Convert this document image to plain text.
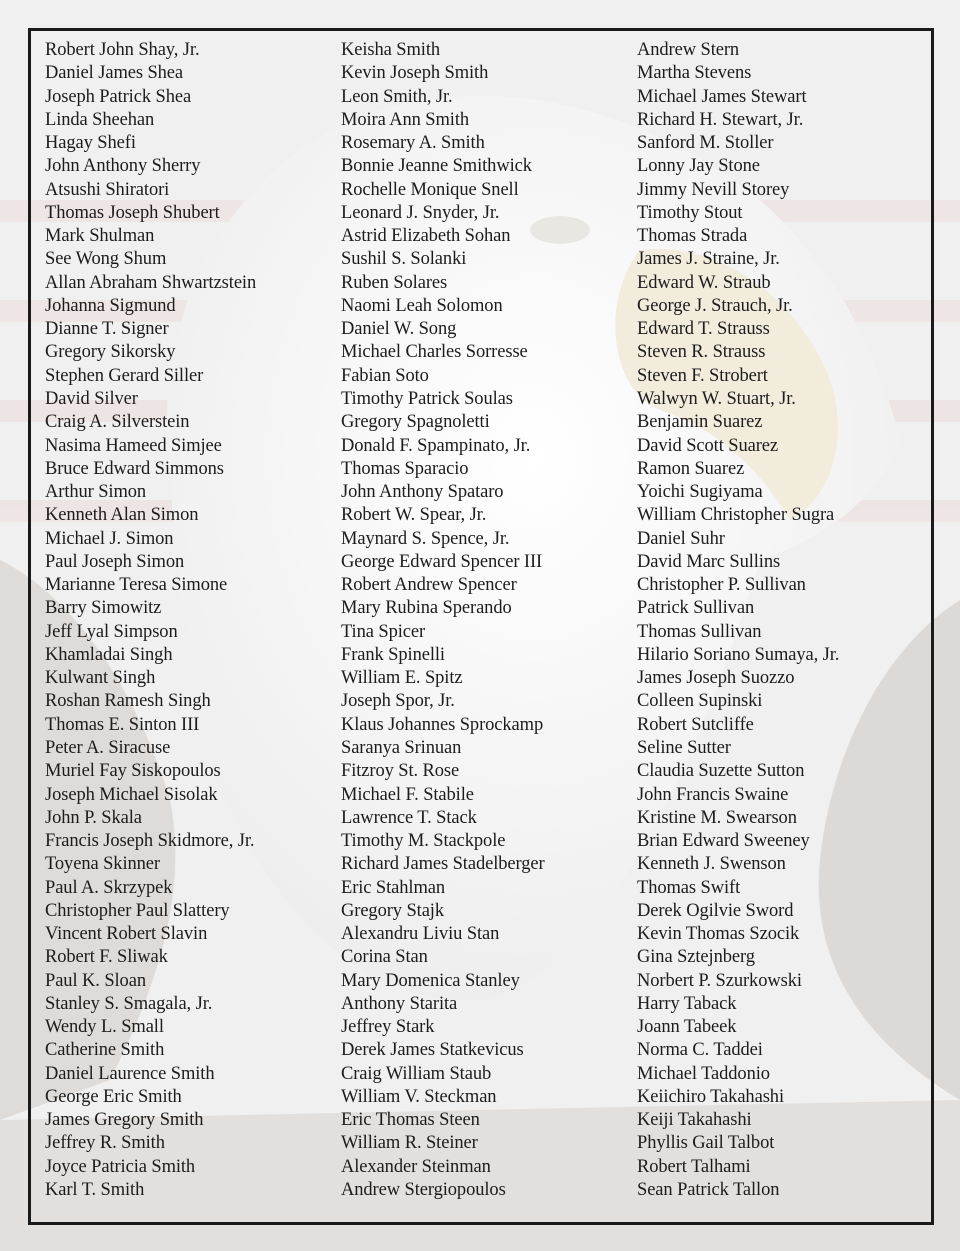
Robert John Shay, Jr.
Daniel James Shea
Joseph Patrick Shea
Linda Sheehan
Hagay Shefi
John Anthony Sherry
Atsushi Shiratori
Thomas Joseph Shubert
Mark Shulman
See Wong Shum
Allan Abraham Shwartzstein
Johanna Sigmund
Dianne T. Signer
Gregory Sikorsky
Stephen Gerard Siller
David Silver
Craig A. Silverstein
Nasima Hameed Simjee
Bruce Edward Simmons
Arthur Simon
Kenneth Alan Simon
Michael J. Simon
Paul Joseph Simon
Marianne Teresa Simone
Barry Simowitz
Jeff Lyal Simpson
Khamladai Singh
Kulwant Singh
Roshan Ramesh Singh
Thomas E. Sinton III
Peter A. Siracuse
Muriel Fay Siskopoulos
Joseph Michael Sisolak
John P. Skala
Francis Joseph Skidmore, Jr.
Toyena Skinner
Paul A. Skrzypek
Christopher Paul Slattery
Vincent Robert Slavin
Robert F. Sliwak
Paul K. Sloan
Stanley S. Smagala, Jr.
Wendy L. Small
Catherine Smith
Daniel Laurence Smith
George Eric Smith
James Gregory Smith
Jeffrey R. Smith
Joyce Patricia Smith
Karl T. Smith
Keisha Smith
Kevin Joseph Smith
Leon Smith, Jr.
Moira Ann Smith
Rosemary A. Smith
Bonnie Jeanne Smithwick
Rochelle Monique Snell
Leonard J. Snyder, Jr.
Astrid Elizabeth Sohan
Sushil S. Solanki
Ruben Solares
Naomi Leah Solomon
Daniel W. Song
Michael Charles Sorresse
Fabian Soto
Timothy Patrick Soulas
Gregory Spagnoletti
Donald F. Spampinato, Jr.
Thomas Sparacio
John Anthony Spataro
Robert W. Spear, Jr.
Maynard S. Spence, Jr.
George Edward Spencer III
Robert Andrew Spencer
Mary Rubina Sperando
Tina Spicer
Frank Spinelli
William E. Spitz
Joseph Spor, Jr.
Klaus Johannes Sprockamp
Saranya Srinuan
Fitzroy St. Rose
Michael F. Stabile
Lawrence T. Stack
Timothy M. Stackpole
Richard James Stadelberger
Eric Stahlman
Gregory Stajk
Alexandru Liviu Stan
Corina Stan
Mary Domenica Stanley
Anthony Starita
Jeffrey Stark
Derek James Statkevicus
Craig William Staub
William V. Steckman
Eric Thomas Steen
William R. Steiner
Alexander Steinman
Andrew Stergiopoulos
Andrew Stern
Martha Stevens
Michael James Stewart
Richard H. Stewart, Jr.
Sanford M. Stoller
Lonny Jay Stone
Jimmy Nevill Storey
Timothy Stout
Thomas Strada
James J. Straine, Jr.
Edward W. Straub
George J. Strauch, Jr.
Edward T. Strauss
Steven R. Strauss
Steven F. Strobert
Walwyn W. Stuart, Jr.
Benjamin Suarez
David Scott Suarez
Ramon Suarez
Yoichi Sugiyama
William Christopher Sugra
Daniel Suhr
David Marc Sullins
Christopher P. Sullivan
Patrick Sullivan
Thomas Sullivan
Hilario Soriano Sumaya, Jr.
James Joseph Suozzo
Colleen Supinski
Robert Sutcliffe
Seline Sutter
Claudia Suzette Sutton
John Francis Swaine
Kristine M. Swearson
Brian Edward Sweeney
Kenneth J. Swenson
Thomas Swift
Derek Ogilvie Sword
Kevin Thomas Szocik
Gina Sztejnberg
Norbert P. Szurkowski
Harry Taback
Joann Tabeek
Norma C. Taddei
Michael Taddonio
Keiichiro Takahashi
Keiji Takahashi
Phyllis Gail Talbot
Robert Talhami
Sean Patrick Tallon
